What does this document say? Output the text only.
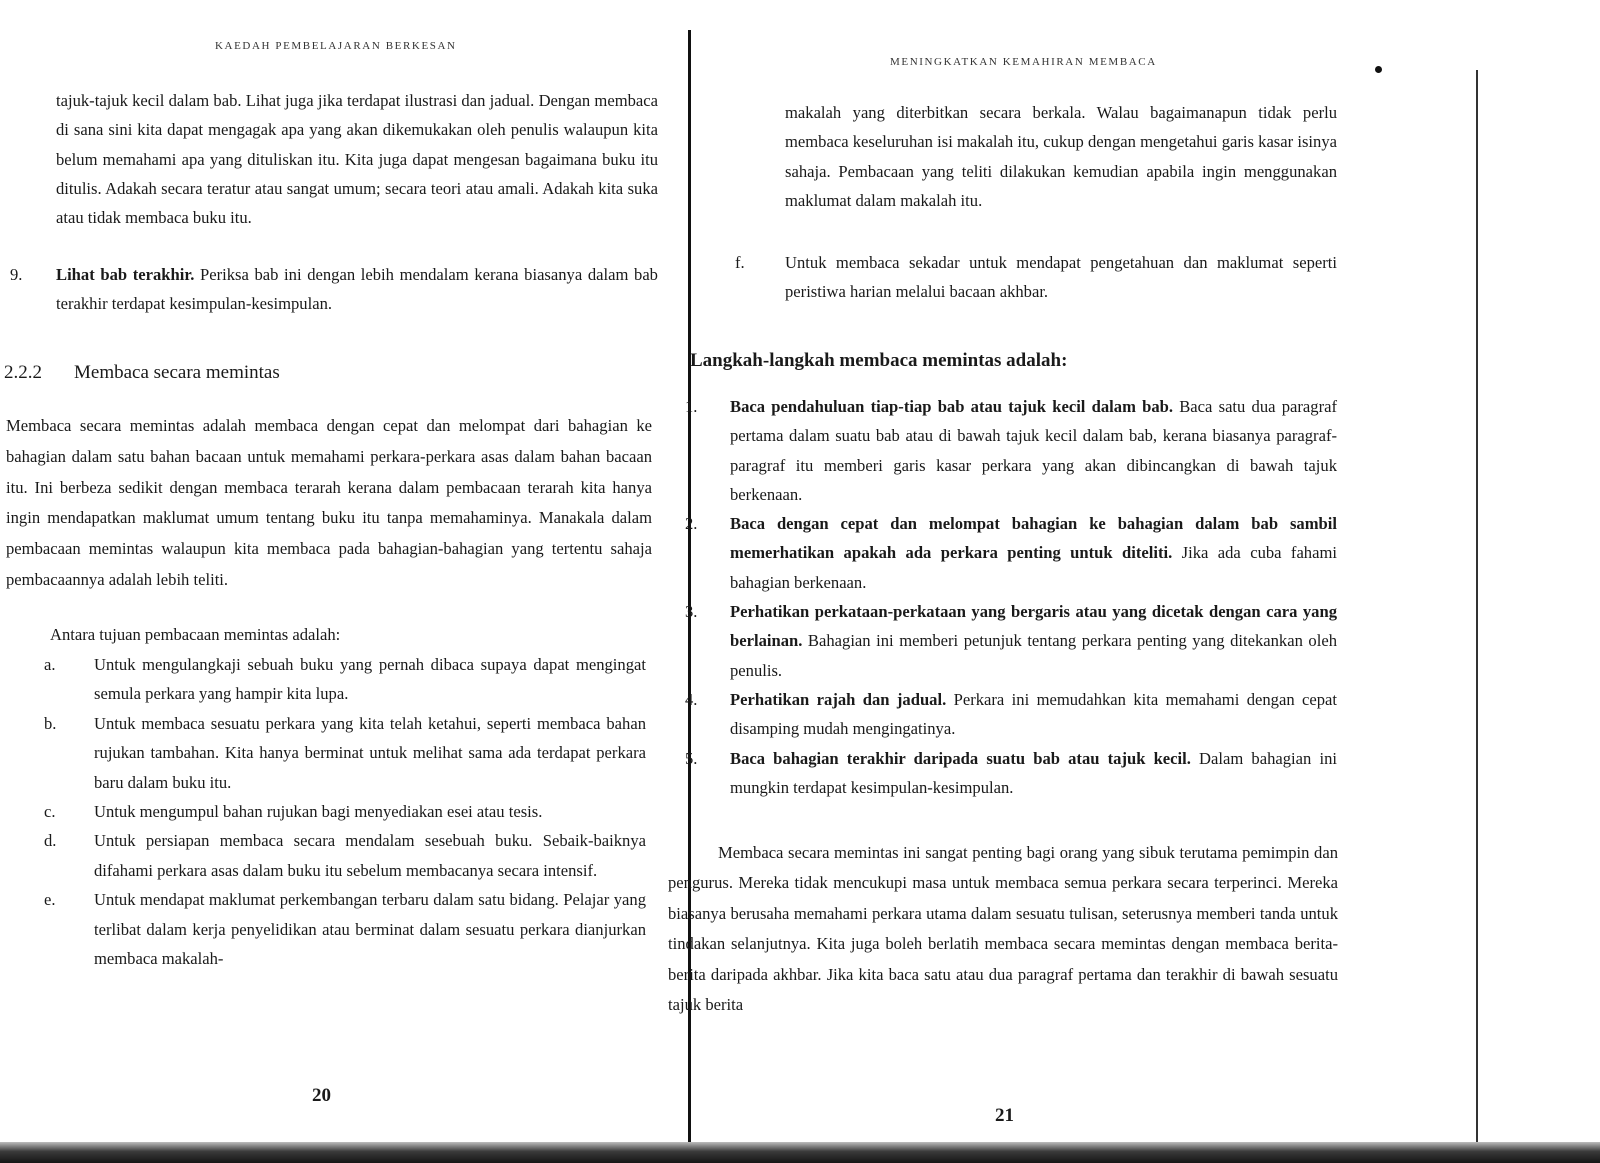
KAEDAH PEMBELAJARAN BERKESAN

tajuk-tajuk kecil dalam bab. Lihat juga jika terdapat ilustrasi dan jadual. Dengan membaca di sana sini kita dapat mengagak apa yang akan dikemukakan oleh penulis walaupun kita belum memahami apa yang dituliskan itu. Kita juga dapat mengesan bagaimana buku itu ditulis. Adakah secara teratur atau sangat umum; secara teori atau amali. Adakah kita suka atau tidak membaca buku itu.

9.	Lihat bab terakhir. Periksa bab ini dengan lebih mendalam kerana biasanya dalam bab terakhir terdapat kesimpulan-kesimpulan.
2.2.2 Membaca secara memintas

Membaca secara memintas adalah membaca dengan cepat dan melompat dari bahagian ke bahagian dalam satu bahan bacaan untuk memahami perkara-perkara asas dalam bahan bacaan itu. Ini berbeza sedikit dengan membaca terarah kerana dalam pembacaan terarah kita hanya ingin mendapatkan maklumat umum tentang buku itu tanpa memahaminya. Manakala dalam pembacaan memintas walaupun kita membaca pada bahagian-bahagian yang tertentu sahaja pembacaannya adalah lebih teliti.

Antara tujuan pembacaan memintas adalah:
a.	Untuk mengulangkaji sebuah buku yang pernah dibaca supaya dapat mengingat semula perkara yang hampir kita lupa.
b.	Untuk membaca sesuatu perkara yang kita telah ketahui, seperti membaca bahan rujukan tambahan. Kita hanya berminat untuk melihat sama ada terdapat perkara baru dalam buku itu.
c.	Untuk mengumpul bahan rujukan bagi menyediakan esei atau tesis.
d.	Untuk persiapan membaca secara mendalam sesebuah buku. Sebaik-baiknya difahami perkara asas dalam buku itu sebelum membacanya secara intensif.
e.	Untuk mendapat maklumat perkembangan terbaru dalam satu bidang. Pelajar yang terlibat dalam kerja penyelidikan atau berminat dalam sesuatu perkara dianjurkan membaca makalah-
20
MENINGKATKAN KEMAHIRAN MEMBACA

makalah yang diterbitkan secara berkala. Walau bagaimanapun tidak perlu membaca keseluruhan isi makalah itu, cukup dengan mengetahui garis kasar isinya sahaja. Pembacaan yang teliti dilakukan kemudian apabila ingin menggunakan maklumat dalam makalah itu.

f.	Untuk membaca sekadar untuk mendapat pengetahuan dan maklumat seperti peristiwa harian melalui bacaan akhbar.
Langkah-langkah membaca memintas adalah:
1.	Baca pendahuluan tiap-tiap bab atau tajuk kecil dalam bab. Baca satu dua paragraf pertama dalam suatu bab atau di bawah tajuk kecil dalam bab, kerana biasanya paragraf-paragraf itu memberi garis kasar perkara yang akan dibincangkan di bawah tajuk berkenaan.
2.	Baca dengan cepat dan melompat bahagian ke bahagian dalam bab sambil memerhatikan apakah ada perkara penting untuk diteliti. Jika ada cuba fahami bahagian berkenaan.
3.	Perhatikan perkataan-perkataan yang bergaris atau yang dicetak dengan cara yang berlainan. Bahagian ini memberi petunjuk tentang perkara penting yang ditekankan oleh penulis.
4.	Perhatikan rajah dan jadual. Perkara ini memudahkan kita memahami dengan cepat disamping mudah mengingatinya.
5.	Baca bahagian terakhir daripada suatu bab atau tajuk kecil. Dalam bahagian ini mungkin terdapat kesimpulan-kesimpulan.

Membaca secara memintas ini sangat penting bagi orang yang sibuk terutama pemimpin dan pengurus. Mereka tidak mencukupi masa untuk membaca semua perkara secara terperinci. Mereka biasanya berusaha memahami perkara utama dalam sesuatu tulisan, seterusnya memberi tanda untuk tindakan selanjutnya. Kita juga boleh berlatih membaca secara memintas dengan membaca berita-berita daripada akhbar. Jika kita baca satu atau dua paragraf pertama dan terakhir di bawah sesuatu tajuk berita

21
